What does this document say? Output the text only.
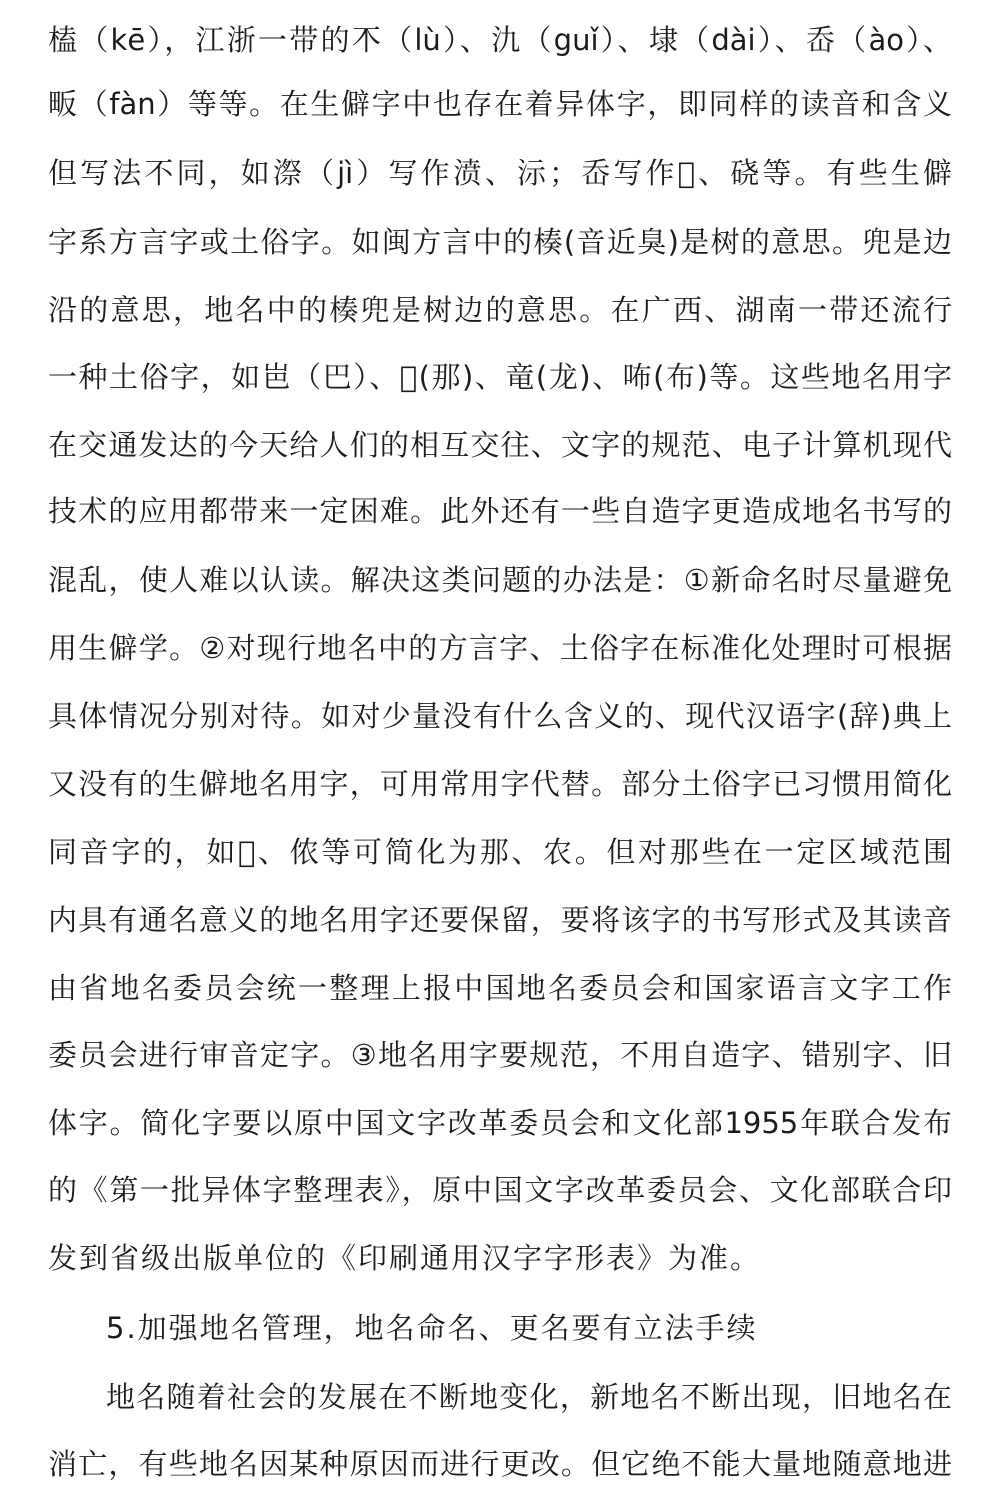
榼（kē），江浙一带的𣎴（lù）、氿（guǐ）、埭（dài）、岙（ào）、
畈（fàn）等等。在生僻字中也存在着异体字，即同样的读音和含义
但写法不同，如漈（jì）写作𣸣、沶；岙写作𡶨、硗等。有些生僻
字系方言字或土俗字。如闽方言中的楱(音近臭)是树的意思。兜是边
沿的意思，地名中的楱兜是树边的意思。在广西、湖南一带还流行
一种土俗字，如岜（巴）、𠕎(那)、竜(龙)、咘(布)等。这些地名用字
在交通发达的今天给人们的相互交往、文字的规范、电子计算机现代
技术的应用都带来一定困难。此外还有一些自造字更造成地名书写的
混乱，使人难以认读。解决这类问题的办法是：①新命名时尽量避免
用生僻学。②对现行地名中的方言字、土俗字在标准化处理时可根据
具体情况分别对待。如对少量没有什么含义的、现代汉语字(辞)典上
又没有的生僻地名用字，可用常用字代替。部分土俗字已习惯用简化
同音字的，如𠕎、侬等可简化为那、农。但对那些在一定区域范围
内具有通名意义的地名用字还要保留，要将该字的书写形式及其读音
由省地名委员会统一整理上报中国地名委员会和国家语言文字工作
委员会进行审音定字。③地名用字要规范，不用自造字、错别字、旧
体字。简化字要以原中国文字改革委员会和文化部1955年联合发布
的《第一批异体字整理表》，原中国文字改革委员会、文化部联合印
发到省级出版单位的《印刷通用汉字字形表》为准。
5.加强地名管理，地名命名、更名要有立法手续
地名随着社会的发展在不断地变化，新地名不断出现，旧地名在
消亡，有些地名因某种原因而进行更改。但它绝不能大量地随意地进
